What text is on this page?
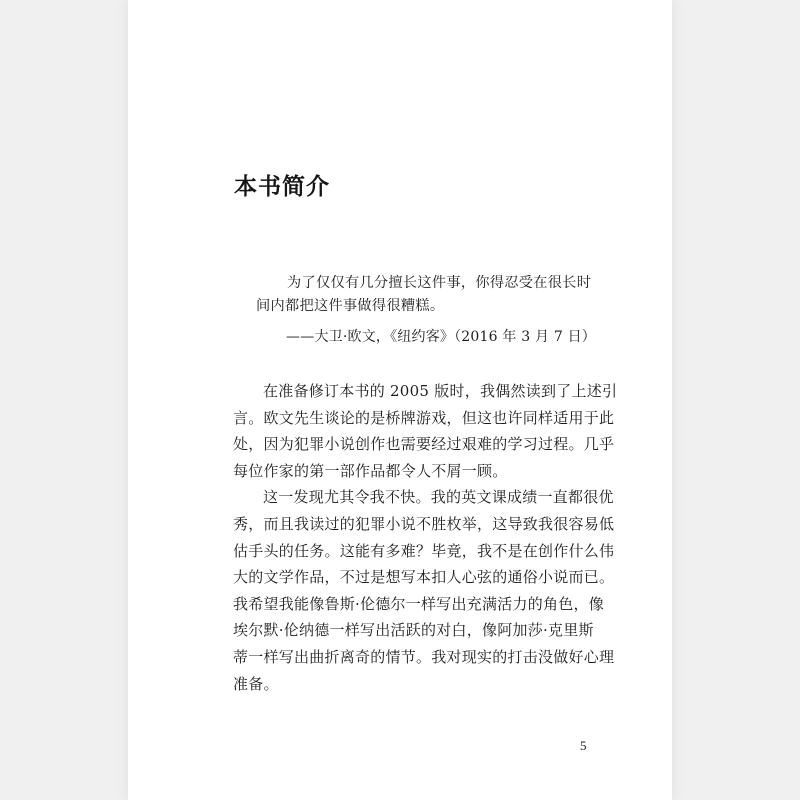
本书简介
为了仅仅有几分擅长这件事，你得忍受在很长时
间内都把这件事做得很糟糕。
——大卫·欧文，《纽约客》（2016 年 3 月 7 日）
在准备修订本书的 2005 版时，我偶然读到了上述引
言。欧文先生谈论的是桥牌游戏，但这也许同样适用于此
处，因为犯罪小说创作也需要经过艰难的学习过程。几乎
每位作家的第一部作品都令人不屑一顾。
这一发现尤其令我不快。我的英文课成绩一直都很优
秀，而且我读过的犯罪小说不胜枚举，这导致我很容易低
估手头的任务。这能有多难？毕竟，我不是在创作什么伟
大的文学作品，不过是想写本扣人心弦的通俗小说而已。
我希望我能像鲁斯·伦德尔一样写出充满活力的角色，像
埃尔默·伦纳德一样写出活跃的对白，像阿加莎·克里斯
蒂一样写出曲折离奇的情节。我对现实的打击没做好心理
准备。
5
